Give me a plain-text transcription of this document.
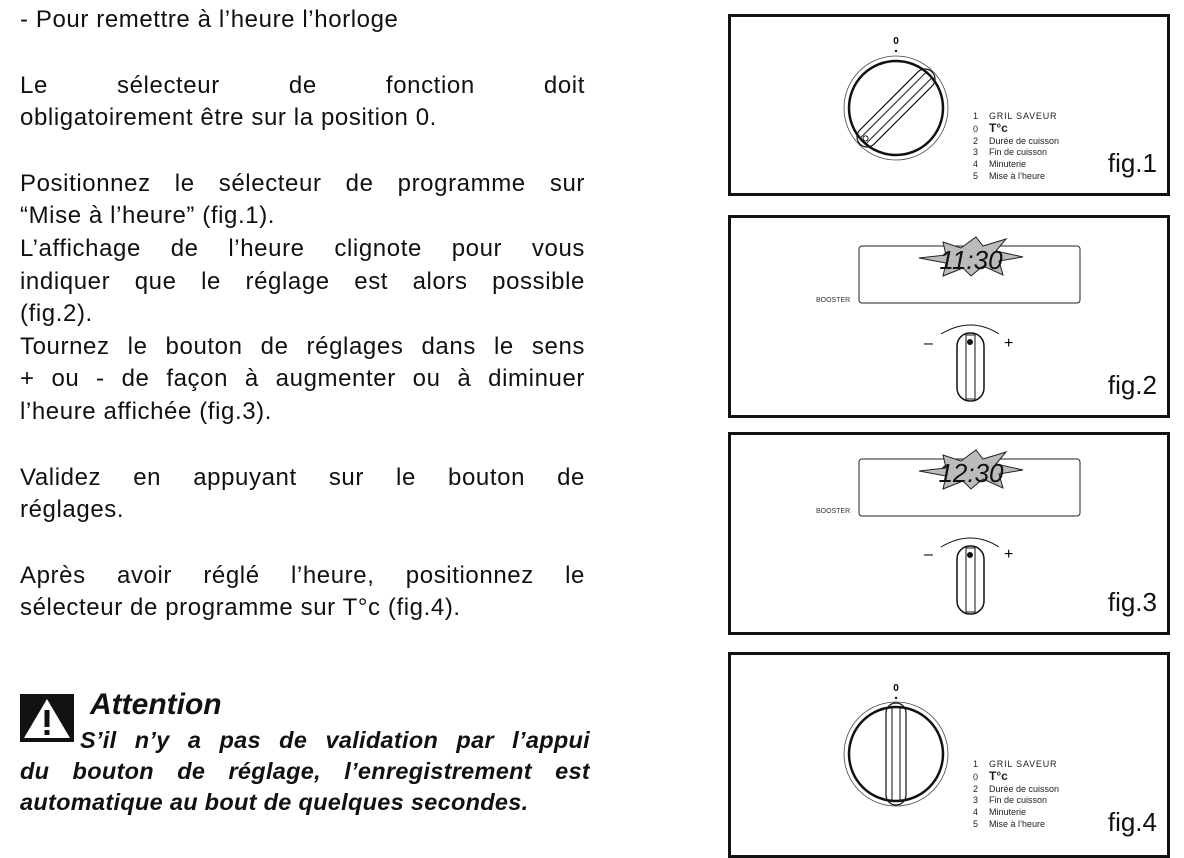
- Pour remettre à l’heure l’horloge
Le sélecteur de fonction doit
obligatoirement être sur la position 0.
Positionnez le sélecteur de programme sur
“Mise à l’heure” (fig.1).
L’affichage de l’heure clignote pour vous
indiquer que le réglage est alors possible
(fig.2).
Tournez le bouton de réglages dans le sens
+ ou - de façon à augmenter ou à diminuer
l’heure affichée (fig.3).
Validez en appuyant sur le bouton de
réglages.
Après avoir réglé l’heure, positionnez le
sélecteur de programme sur T°c (fig.4).
Attention
S’il n’y a pas de validation par l’appui
du bouton de réglage, l’enregistrement est
automatique au bout de quelques secondes.
0
1 GRIL SAVEUR
0 T°c
2 Durée de cuisson
3 Fin de cuisson
4 Minuterie
5 Mise à l’heure	fig.1
BOOSTER
11:30
–	+
fig.2
BOOSTER
12:30
–	+
fig.3
0
1 GRIL SAVEUR
0 T°c
2 Durée de cuisson
3 Fin de cuisson
4 Minuterie
5 Mise à l’heure	fig.4
